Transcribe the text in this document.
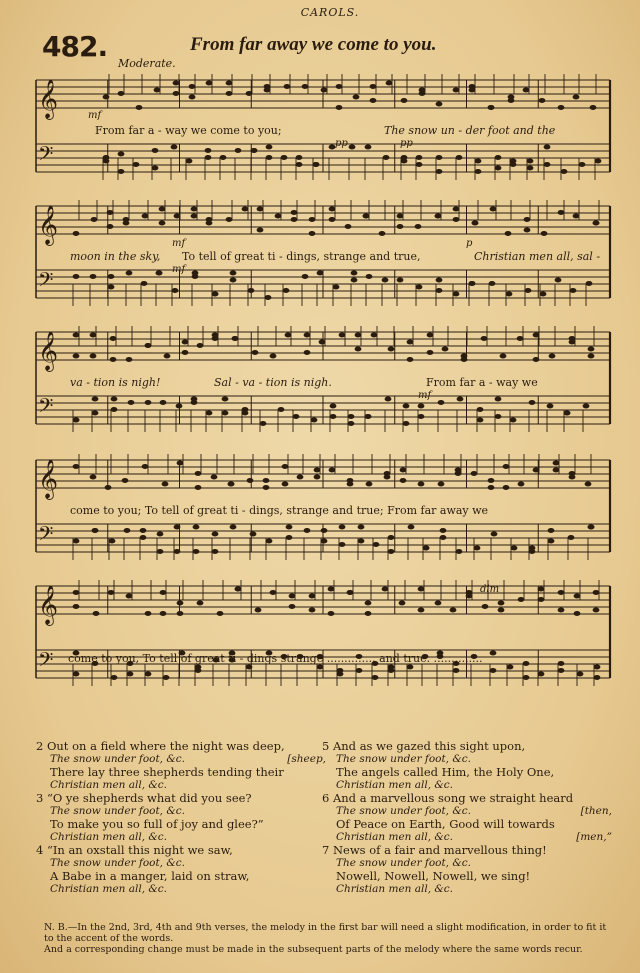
CAROLS.
482.	From far away we come to you.
Moderate.
𝄞
𝄢
𝄞
𝄢
𝄞
𝄢
𝄞
𝄢
𝄞
𝄢
From far a - way we come to you;	The snow un - der foot and the
moon in the sky, To tell of great ti - dings, strange and true,	Christian men all, sal -
va - tion is nigh!	Sal - va - tion is nigh.	From far a - way we
come to you; To tell of great ti - dings, strange and true; From far away we
come to you, To tell of great ti - dings strange .............. and true. ..............
mf
pp	pp
mf
mf
p
mf
dim
2 Out on a field where the night was deep,
The snow under foot, &c.	[sheep,
There lay three shepherds tending their
Christian men all, &c.
3 “O ye shepherds what did you see?
The snow under foot, &c.
To make you so full of joy and glee?”
Christian men all, &c.
4 “In an oxstall this night we saw,
The snow under foot, &c.
A Babe in a manger, laid on straw,
Christian men all, &c.
5 And as we gazed this sight upon,
The snow under foot, &c.
The angels called Him, the Holy One,
Christian men all, &c.
6 And a marvellous song we straight heard
The snow under foot, &c.	[then,
Of Peace on Earth, Good will towards
Christian men all, &c.	[men,”
7 News of a fair and marvellous thing!
The snow under foot, &c.
Nowell, Nowell, Nowell, we sing!
Christian men all, &c.

N. B.—In the 2nd, 3rd, 4th and 9th verses, the melody in the first bar will need a slight modification, in order to fit it to the accent of the words.

And a corresponding change must be made in the subsequent parts of the melody where the same words recur.
